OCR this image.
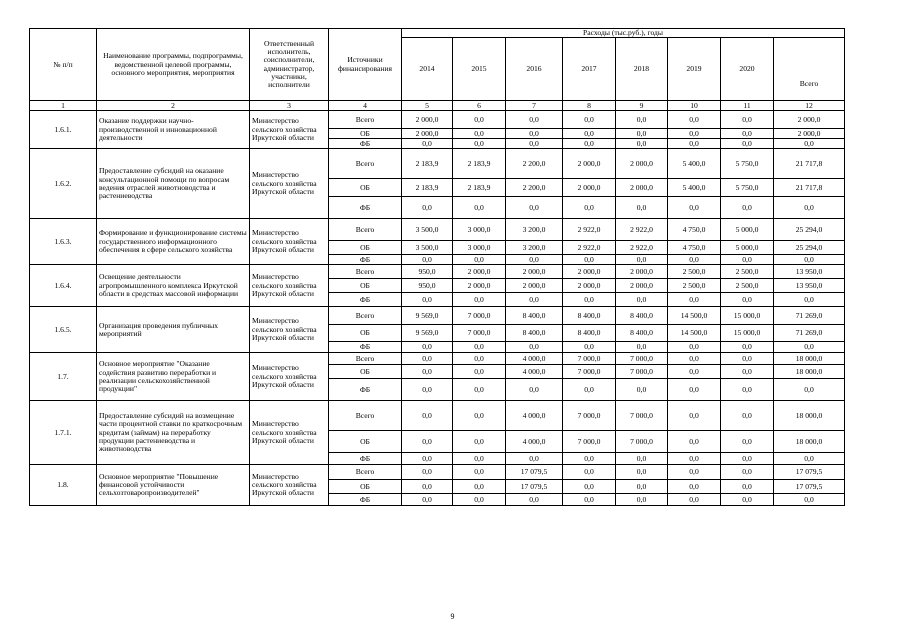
№ п/п	Наименование программы, подпрограммы, ведомственной целевой программы, основного мероприятия, мероприятия	Ответственный исполнитель, соисполнители, администратор, участники, исполнители	Источники финансирования	Расходы (тыс.руб.), годы							
				2014	2015	2016	2017	2018	2019	2020	Всего
1	2	3	4	5	6	7	8	9	10	11	12
1.6.1.	Оказание поддержки научно-производственной и инновационной деятельности	Министерство сельского хозяйства Иркутской области	Всего	2 000,0	0,0	0,0	0,0	0,0	0,0	0,0	2 000,0
			ОБ	2 000,0	0,0	0,0	0,0	0,0	0,0	0,0	2 000,0
			ФБ	0,0	0,0	0,0	0,0	0,0	0,0	0,0	0,0
1.6.2.	Предоставление субсидий на оказание консультационной помощи по вопросам ведения отраслей животноводства и растениеводства	Министерство сельского хозяйства Иркутской области	Всего	2 183,9	2 183,9	2 200,0	2 000,0	2 000,0	5 400,0	5 750,0	21 717,8
			ОБ	2 183,9	2 183,9	2 200,0	2 000,0	2 000,0	5 400,0	5 750,0	21 717,8
			ФБ	0,0	0,0	0,0	0,0	0,0	0,0	0,0	0,0
1.6.3.	Формирование и функционирование системы государственного информационного обеспечения в сфере сельского хозяйства	Министерство сельского хозяйства Иркутской области	Всего	3 500,0	3 000,0	3 200,0	2 922,0	2 922,0	4 750,0	5 000,0	25 294,0
			ОБ	3 500,0	3 000,0	3 200,0	2 922,0	2 922,0	4 750,0	5 000,0	25 294,0
			ФБ	0,0	0,0	0,0	0,0	0,0	0,0	0,0	0,0
1.6.4.	Освещение деятельности агропромышленного комплекса Иркутской области в средствах массовой информации	Министерство сельского хозяйства Иркутской области	Всего	950,0	2 000,0	2 000,0	2 000,0	2 000,0	2 500,0	2 500,0	13 950,0
			ОБ	950,0	2 000,0	2 000,0	2 000,0	2 000,0	2 500,0	2 500,0	13 950,0
			ФБ	0,0	0,0	0,0	0,0	0,0	0,0	0,0	0,0
1.6.5.	Организация проведения публичных мероприятий	Министерство сельского хозяйства Иркутской области	Всего	9 569,0	7 000,0	8 400,0	8 400,0	8 400,0	14 500,0	15 000,0	71 269,0
			ОБ	9 569,0	7 000,0	8 400,0	8 400,0	8 400,0	14 500,0	15 000,0	71 269,0
			ФБ	0,0	0,0	0,0	0,0	0,0	0,0	0,0	0,0
1.7.	Основное мероприятие "Оказание содействия развитию переработки и реализации сельскохозяйственной продукции"	Министерство сельского хозяйства Иркутской области	Всего	0,0	0,0	4 000,0	7 000,0	7 000,0	0,0	0,0	18 000,0
			ОБ	0,0	0,0	4 000,0	7 000,0	7 000,0	0,0	0,0	18 000,0
			ФБ	0,0	0,0	0,0	0,0	0,0	0,0	0,0	0,0
1.7.1.	Предоставление субсидий на возмещение части процентной ставки по краткосрочным кредитам (займам) на переработку продукции растениеводства и животноводства	Министерство сельского хозяйства Иркутской области	Всего	0,0	0,0	4 000,0	7 000,0	7 000,0	0,0	0,0	18 000,0
			ОБ	0,0	0,0	4 000,0	7 000,0	7 000,0	0,0	0,0	18 000,0
			ФБ	0,0	0,0	0,0	0,0	0,0	0,0	0,0	0,0
1.8.	Основное мероприятие "Повышение финансовой устойчивости сельхозтоваропроизводителей"	Министерство сельского хозяйства Иркутской области	Всего	0,0	0,0	17 079,5	0,0	0,0	0,0	0,0	17 079,5
			ОБ	0,0	0,0	17 079,5	0,0	0,0	0,0	0,0	17 079,5
			ФБ	0,0	0,0	0,0	0,0	0,0	0,0	0,0	0,0
9
